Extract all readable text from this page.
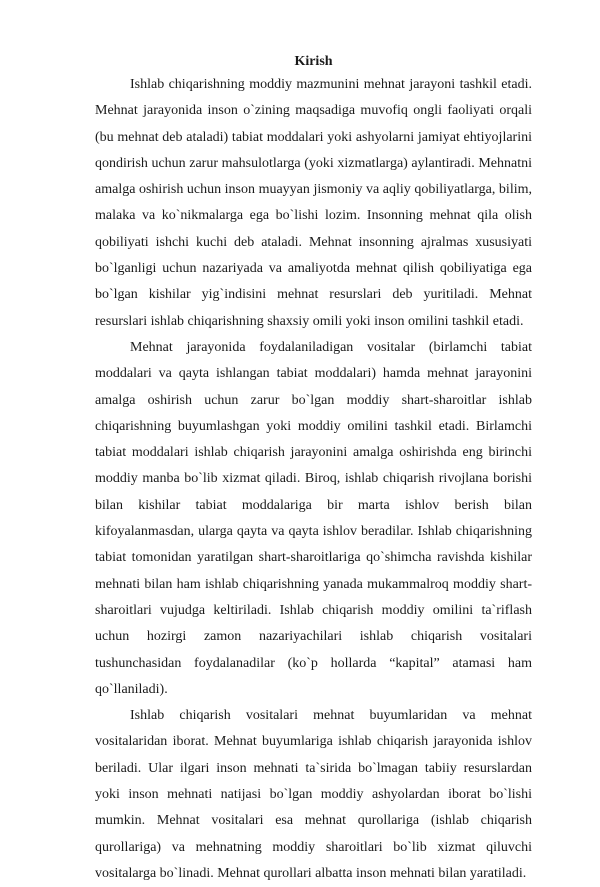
Kirish

Ishlab chiqarishning moddiy mazmunini mehnat jarayoni tashkil etadi. Mehnat jarayonida inson o`zining maqsadiga muvofiq ongli faoliyati orqali (bu mehnat deb ataladi) tabiat moddalari yoki ashyolarni jamiyat ehtiyojlarini qondirish uchun zarur mahsulotlarga (yoki xizmatlarga) aylantiradi. Mehnatni amalga oshirish uchun inson muayyan jismoniy va aqliy qobiliyatlarga, bilim, malaka va ko`nikmalarga ega bo`lishi lozim. Insonning mehnat qila olish qobiliyati ishchi kuchi deb ataladi. Mehnat insonning ajralmas xususiyati bo`lganligi uchun nazariyada va amaliyotda mehnat qilish qobiliyatiga ega bo`lgan kishilar yig`indisini mehnat resurslari deb yuritiladi. Mehnat resurslari ishlab chiqarishning shaxsiy omili yoki inson omilini tashkil etadi.

Mehnat jarayonida foydalaniladigan vositalar (birlamchi tabiat moddalari va qayta ishlangan tabiat moddalari) hamda mehnat jarayonini amalga oshirish uchun zarur bo`lgan moddiy shart-sharoitlar ishlab chiqarishning buyumlashgan yoki moddiy omilini tashkil etadi. Birlamchi tabiat moddalari ishlab chiqarish jarayonini amalga oshirishda eng birinchi moddiy manba bo`lib xizmat qiladi. Biroq, ishlab chiqarish rivojlana borishi bilan kishilar tabiat moddalariga bir marta ishlov berish bilan kifoyalanmasdan, ularga qayta va qayta ishlov beradilar. Ishlab chiqarishning tabiat tomonidan yaratilgan shart-sharoitlariga qo`shimcha ravishda kishilar mehnati bilan ham ishlab chiqarishning yanada mukammalroq moddiy shart-sharoitlari vujudga keltiriladi. Ishlab chiqarish moddiy omilini ta`riflash uchun hozirgi zamon nazariyachilari ishlab chiqarish vositalari tushunchasidan foydalanadilar (ko`p hollarda “kapital” atamasi ham qo`llaniladi).

Ishlab chiqarish vositalari mehnat buyumlaridan va mehnat vositalaridan iborat. Mehnat buyumlariga ishlab chiqarish jarayonida ishlov beriladi. Ular ilgari inson mehnati ta`sirida bo`lmagan tabiiy resurslardan yoki inson mehnati natijasi bo`lgan moddiy ashyolardan iborat bo`lishi mumkin. Mehnat vositalari esa mehnat qurollariga (ishlab chiqarish qurollariga) va mehnatning moddiy sharoitlari bo`lib xizmat qiluvchi vositalarga bo`linadi. Mehnat qurollari albatta inson mehnati bilan yaratiladi.
